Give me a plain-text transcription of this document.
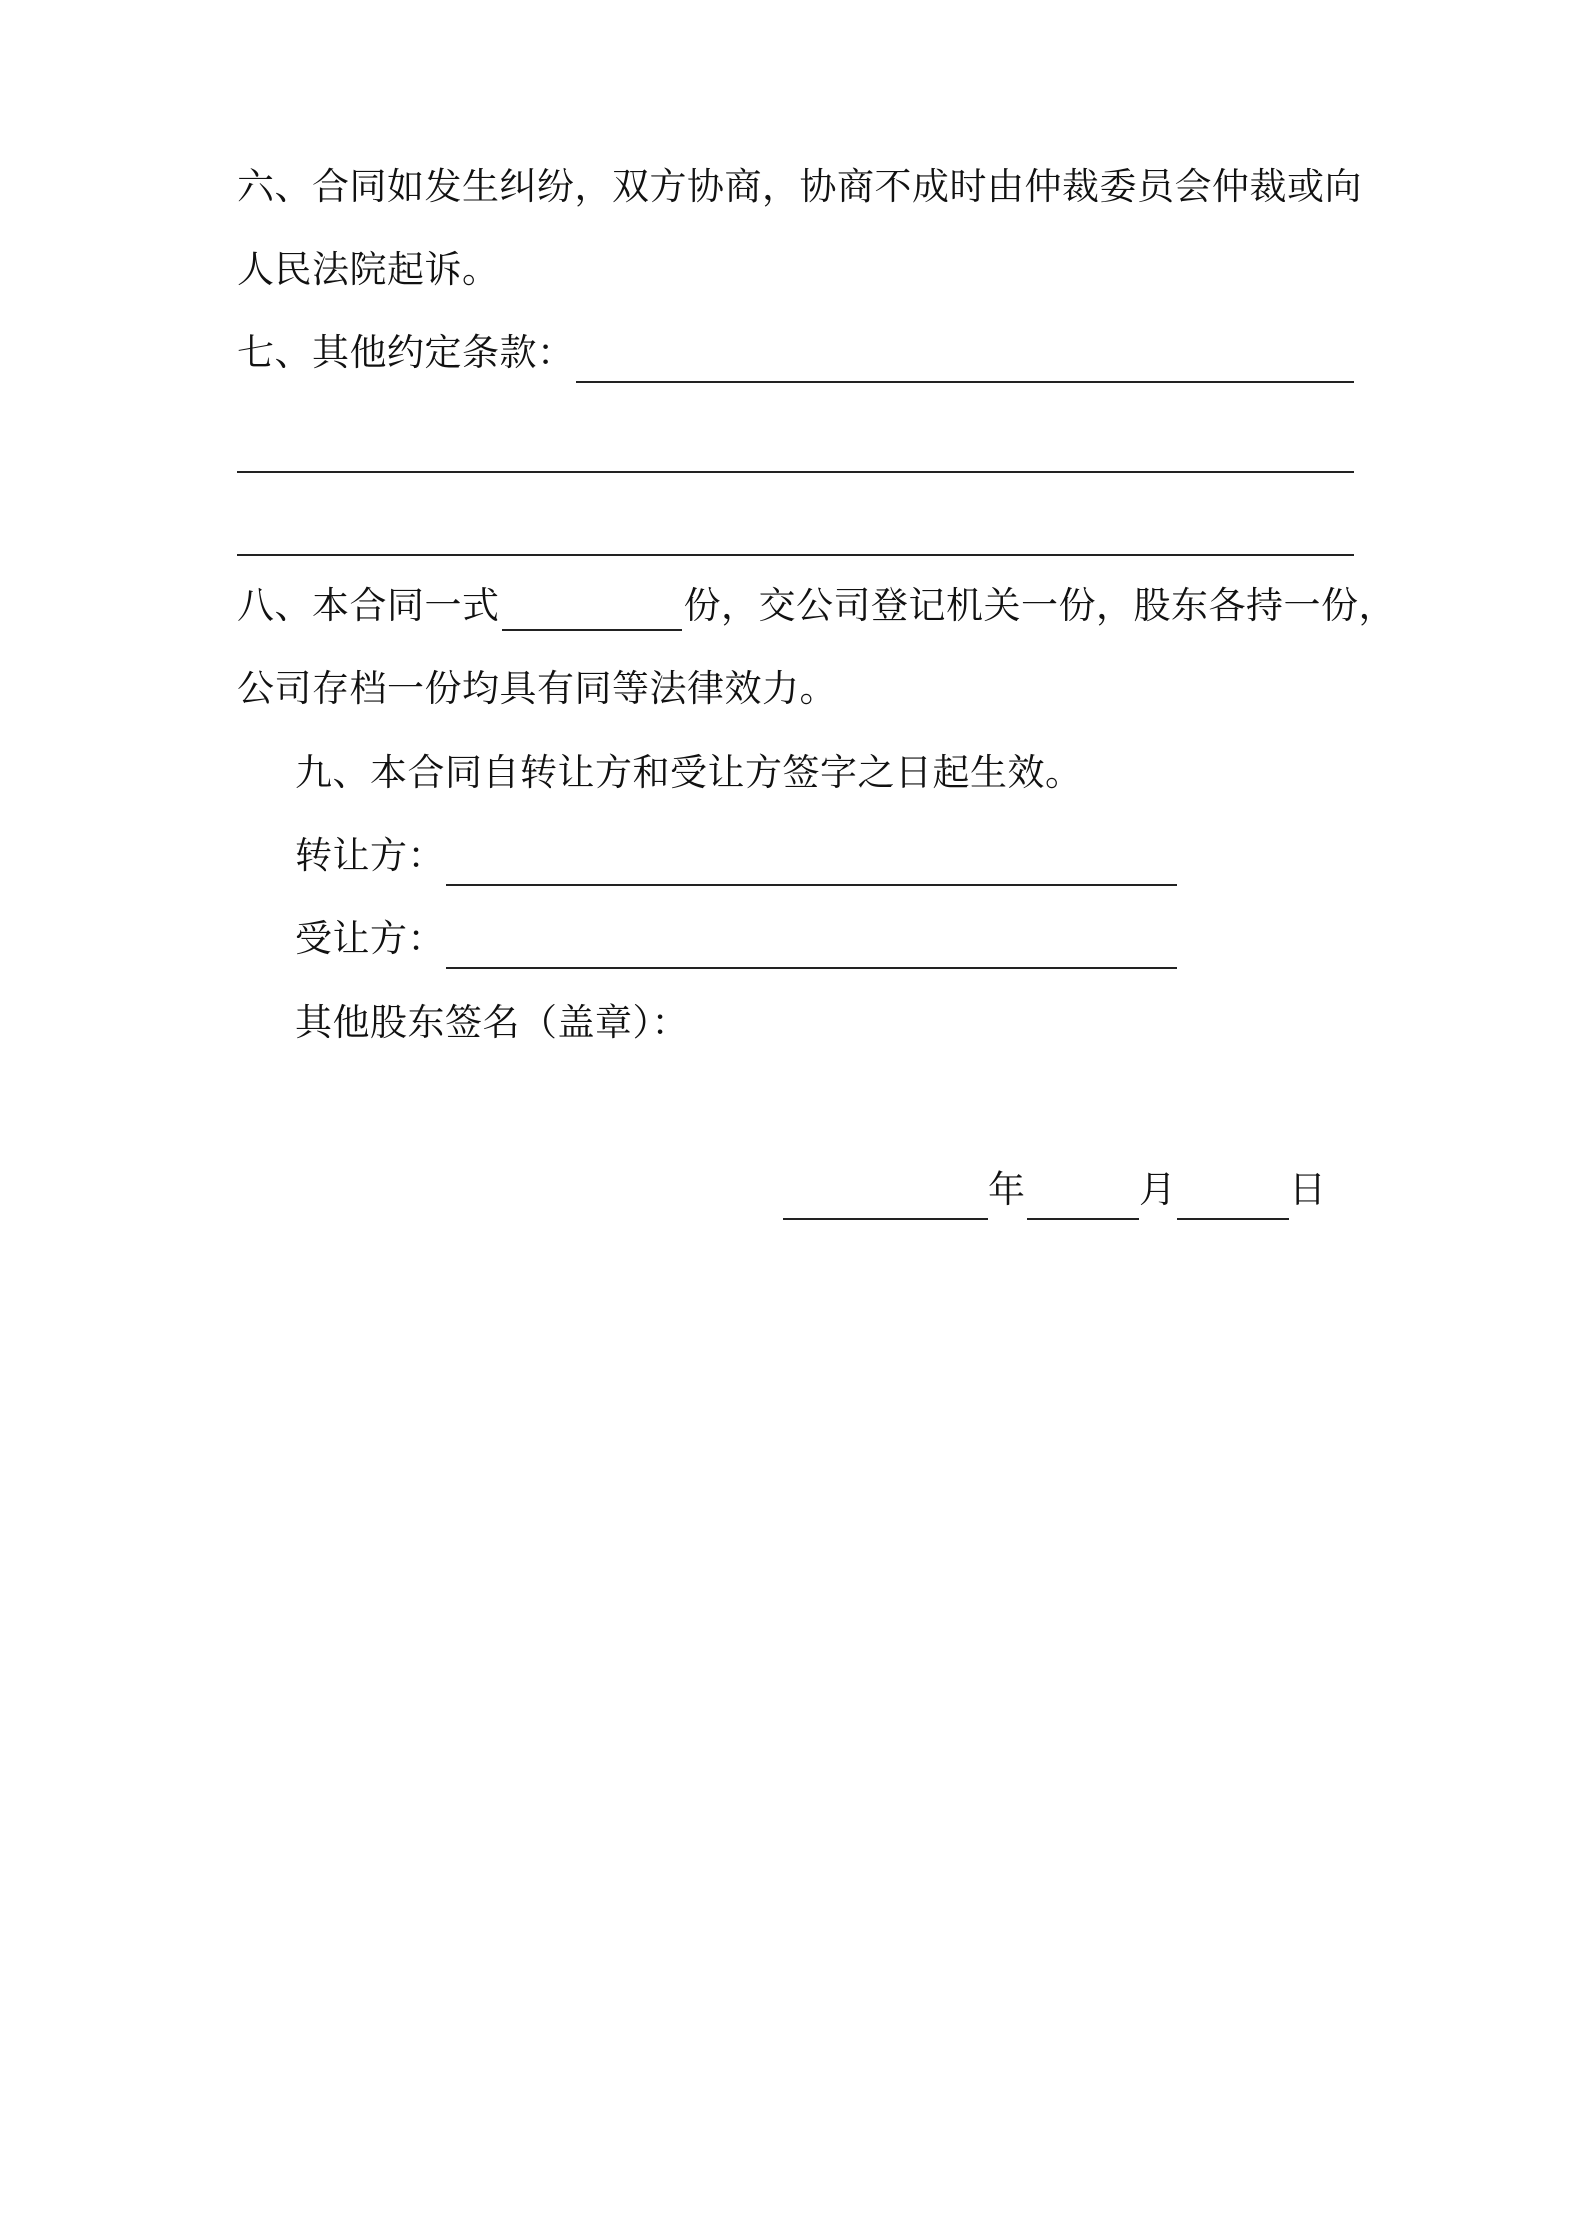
六、合同如发生纠纷，双方协商，协商不成时由仲裁委员会仲裁或向
人民法院起诉。
七、其他约定条款：
八、本合同一式	份，交公司登记机关一份，股东各持一份，
公司存档一份均具有同等法律效力。
九、本合同自转让方和受让方签字之日起生效。
转让方：
受让方：
其他股东签名（盖章）：
年	月	日
